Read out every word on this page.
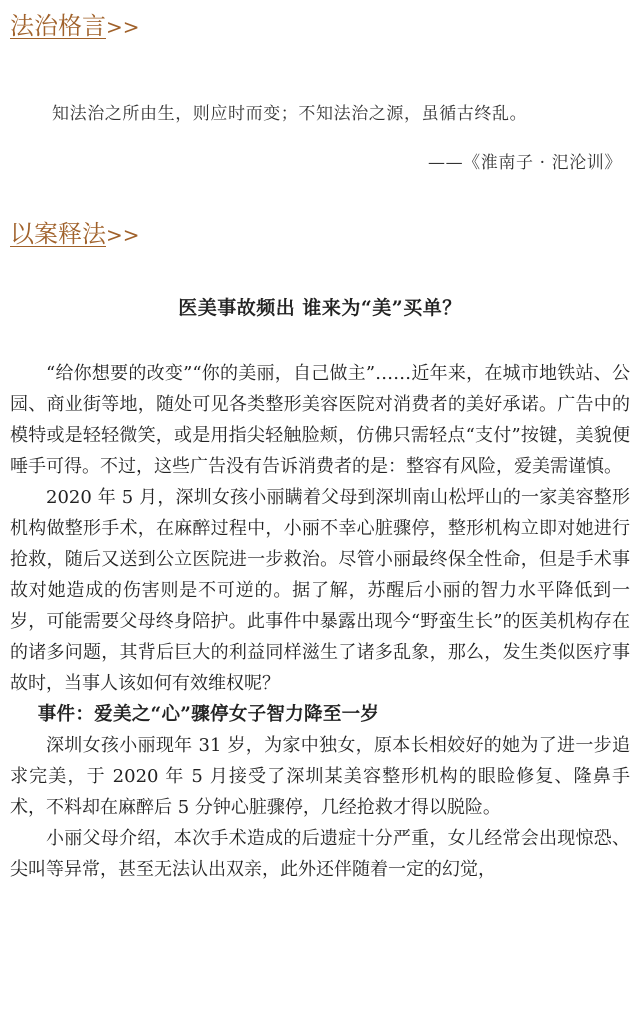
法治格言>>
知法治之所由生，则应时而变；不知法治之源，虽循古终乱。
——《淮南子 · 汜沦训》
以案释法>>
医美事故频出 谁来为“美”买单？

“给你想要的改变”“你的美丽，自己做主”……近年来，在城市地铁站、公园、商业街等地，随处可见各类整形美容医院对消费者的美好承诺。广告中的模特或是轻轻微笑，或是用指尖轻触脸颊，仿佛只需轻点“支付”按键，美貌便唾手可得。不过，这些广告没有告诉消费者的是：整容有风险，爱美需谨慎。

2020 年 5 月，深圳女孩小丽瞒着父母到深圳南山松坪山的一家美容整形机构做整形手术，在麻醉过程中，小丽不幸心脏骤停，整形机构立即对她进行抢救，随后又送到公立医院进一步救治。尽管小丽最终保全性命，但是手术事故对她造成的伤害则是不可逆的。据了解，苏醒后小丽的智力水平降低到一岁，可能需要父母终身陪护。此事件中暴露出现今“野蛮生长”的医美机构存在的诸多问题，其背后巨大的利益同样滋生了诸多乱象，那么，发生类似医疗事故时，当事人该如何有效维权呢？

事件：爱美之“心”骤停女子智力降至一岁

深圳女孩小丽现年 31 岁，为家中独女，原本长相姣好的她为了进一步追求完美，于 2020 年 5 月接受了深圳某美容整形机构的眼睑修复、隆鼻手术，不料却在麻醉后 5 分钟心脏骤停，几经抢救才得以脱险。

小丽父母介绍，本次手术造成的后遗症十分严重，女儿经常会出现惊恐、尖叫等异常，甚至无法认出双亲，此外还伴随着一定的幻觉，
